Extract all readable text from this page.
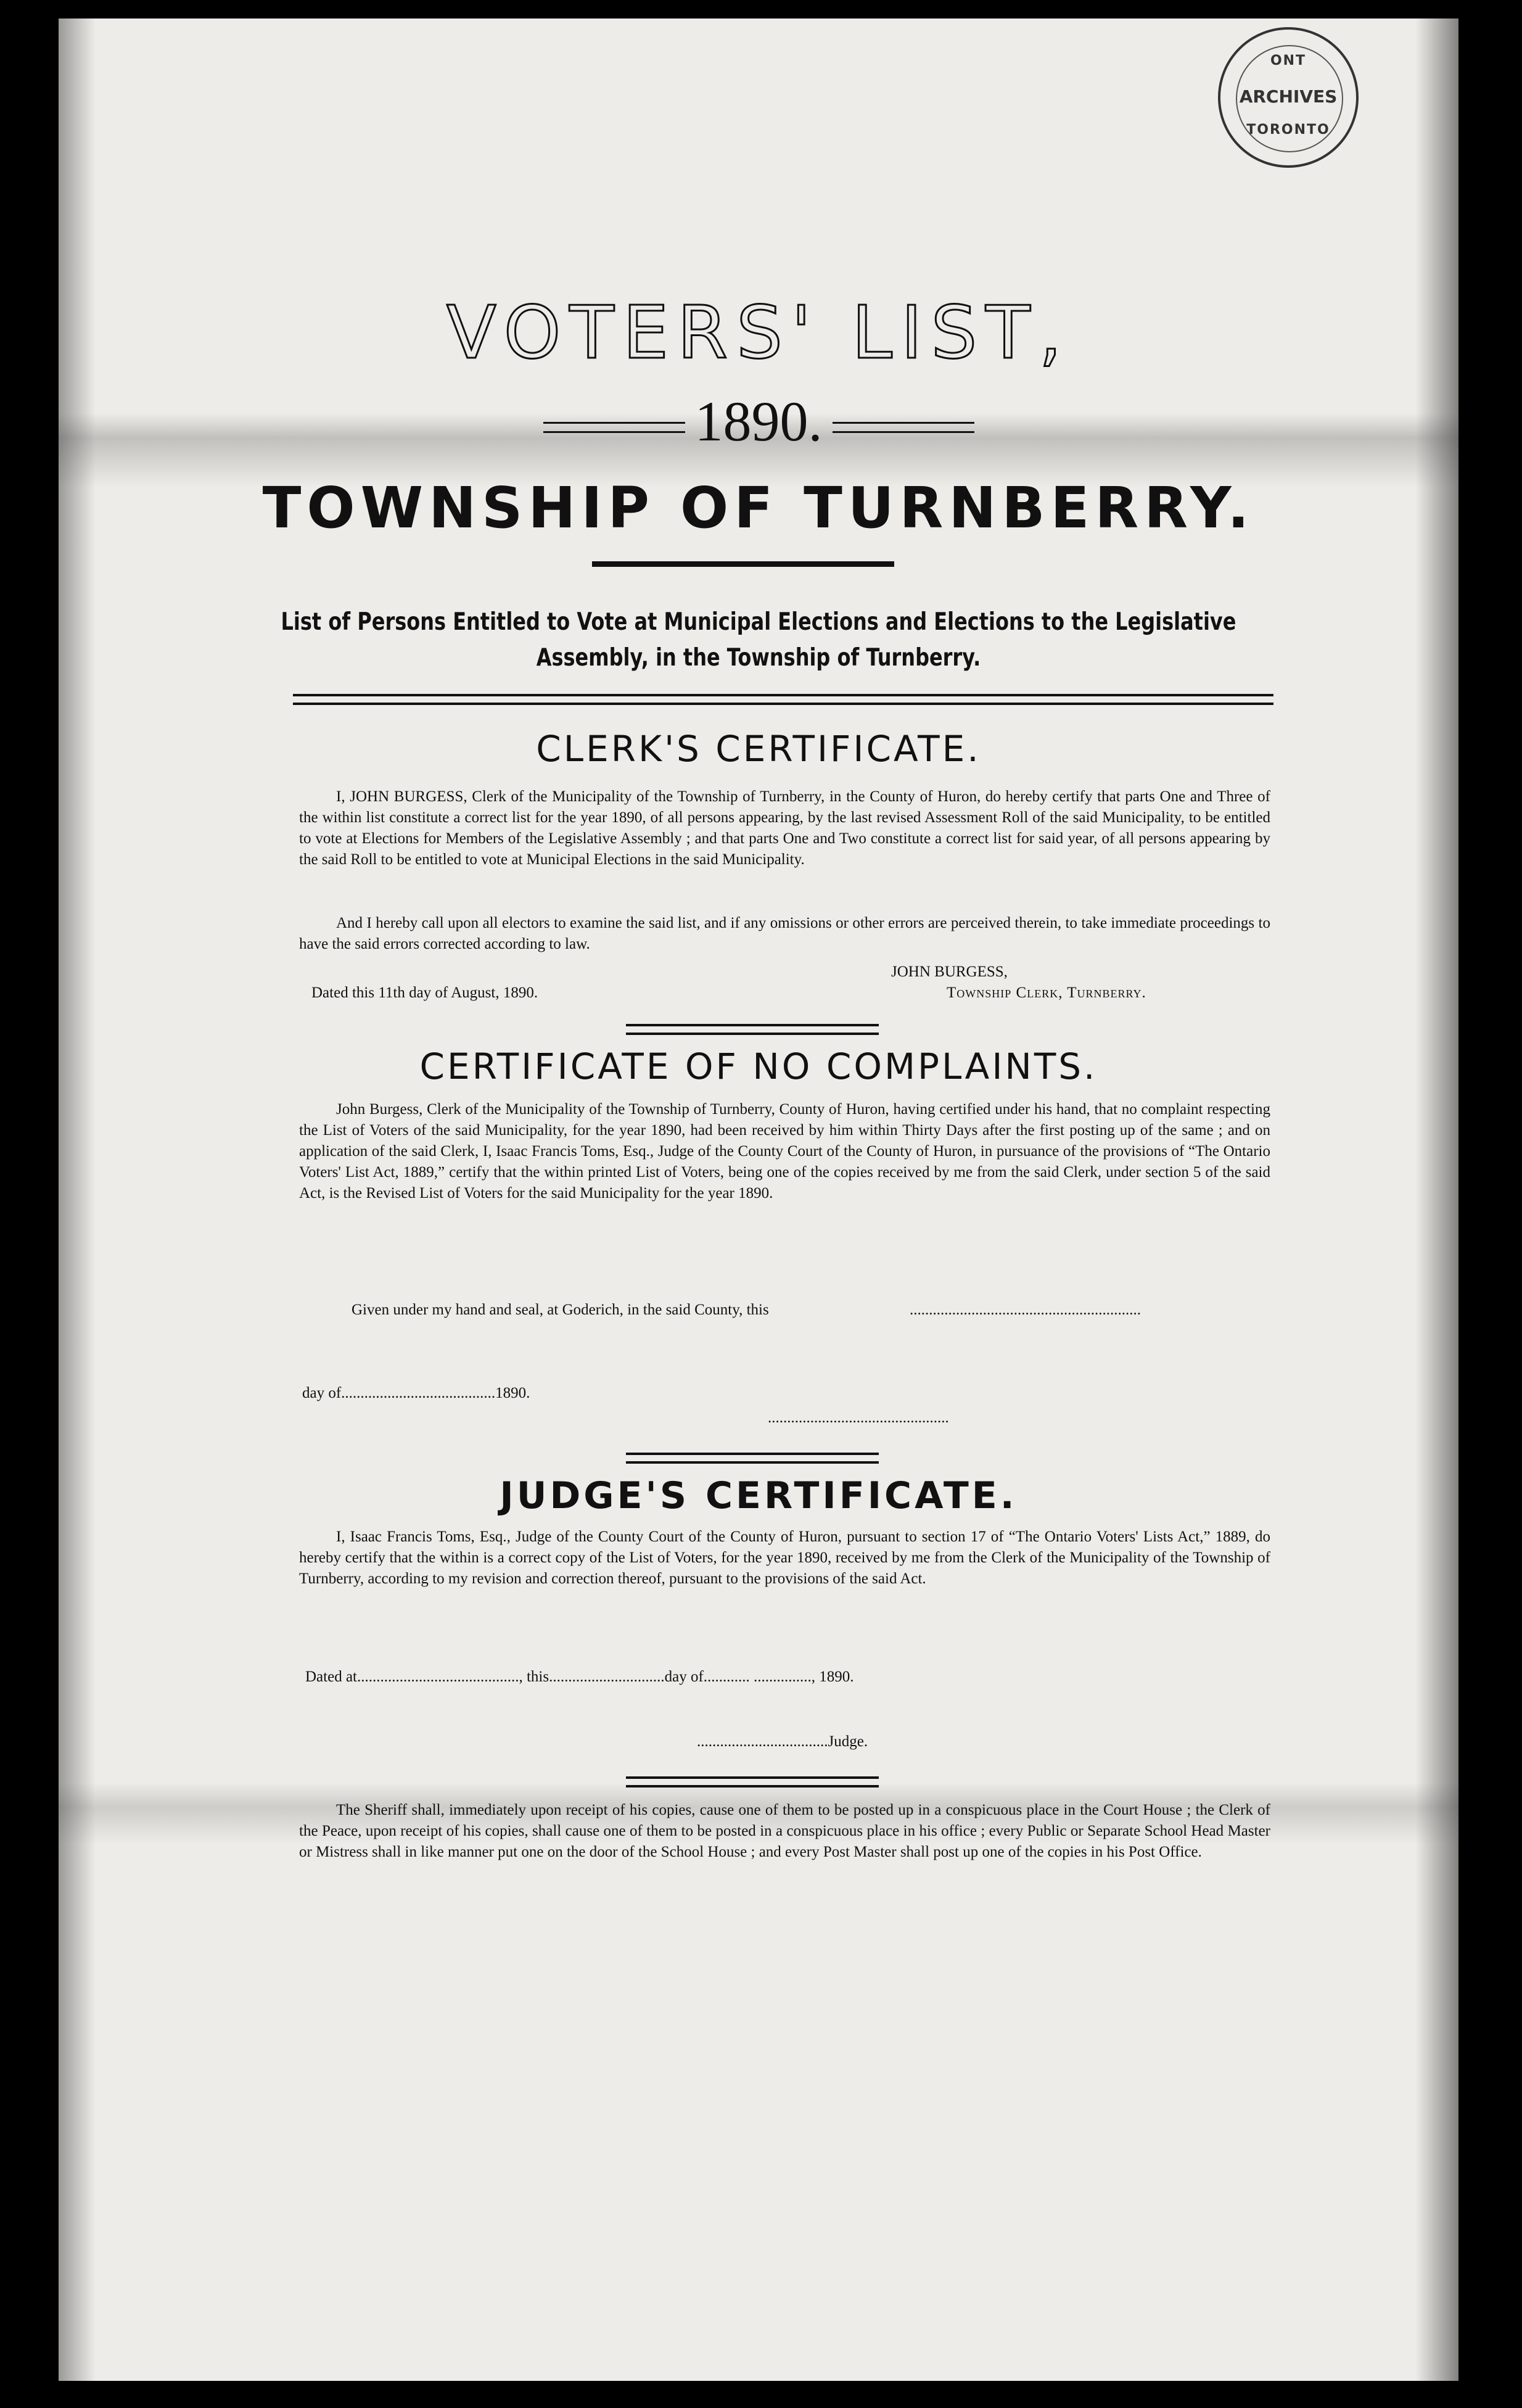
ONT
ARCHIVES
TORONTO
VOTERS' LIST,
1890.
TOWNSHIP OF TURNBERRY.
List of Persons Entitled to Vote at Municipal Elections and Elections to the Legislative
Assembly, in the Township of Turnberry.
CLERK'S CERTIFICATE.
I, JOHN BURGESS, Clerk of the Municipality of the Township of Turnberry, in the County of Huron, do hereby certify that parts One and Three of the within list constitute a correct list for the year 1890, of all persons appearing, by the last revised Assessment Roll of the said Municipality, to be entitled to vote at Elections for Members of the Legislative Assembly ; and that parts One and Two constitute a correct list for said year, of all persons appearing by the said Roll to be entitled to vote at Municipal Elections in the said Municipality.
And I hereby call upon all electors to examine the said list, and if any omissions or other errors are perceived therein, to take immediate proceedings to have the said errors corrected according to law.
JOHN BURGESS,
Township Clerk, Turnberry.
Dated this 11th day of August, 1890.
CERTIFICATE OF NO COMPLAINTS.
John Burgess, Clerk of the Municipality of the Township of Turnberry, County of Huron, having certified under his hand, that no complaint respecting the List of Voters of the said Municipality, for the year 1890, had been received by him within Thirty Days after the first posting up of the same ; and on application of the said Clerk, I, Isaac Francis Toms, Esq., Judge of the County Court of the County of Huron, in pursuance of the provisions of “The Ontario Voters' List Act, 1889,” certify that the within printed List of Voters, being one of the copies received by me from the said Clerk, under section 5 of the said Act, is the Revised List of Voters for the said Municipality for the year 1890.
Given under my hand and seal, at Goderich, in the said County, this	............................................................
day of........................................1890.
...............................................
JUDGE'S CERTIFICATE.
I, Isaac Francis Toms, Esq., Judge of the County Court of the County of Huron, pursuant to section 17 of “The Ontario Voters' Lists Act,” 1889, do hereby certify that the within is a correct copy of the List of Voters, for the year 1890, received by me from the Clerk of the Municipality of the Township of Turnberry, according to my revision and correction thereof, pursuant to the provisions of the said Act.
Dated at.........................................., this..............................day of............ ..............., 1890.
..................................Judge.
The Sheriff shall, immediately upon receipt of his copies, cause one of them to be posted up in a conspicuous place in the Court House ; the Clerk of the Peace, upon receipt of his copies, shall cause one of them to be posted in a conspicuous place in his office ; every Public or Separate School Head Master or Mistress shall in like manner put one on the door of the School House ; and every Post Master shall post up one of the copies in his Post Office.
